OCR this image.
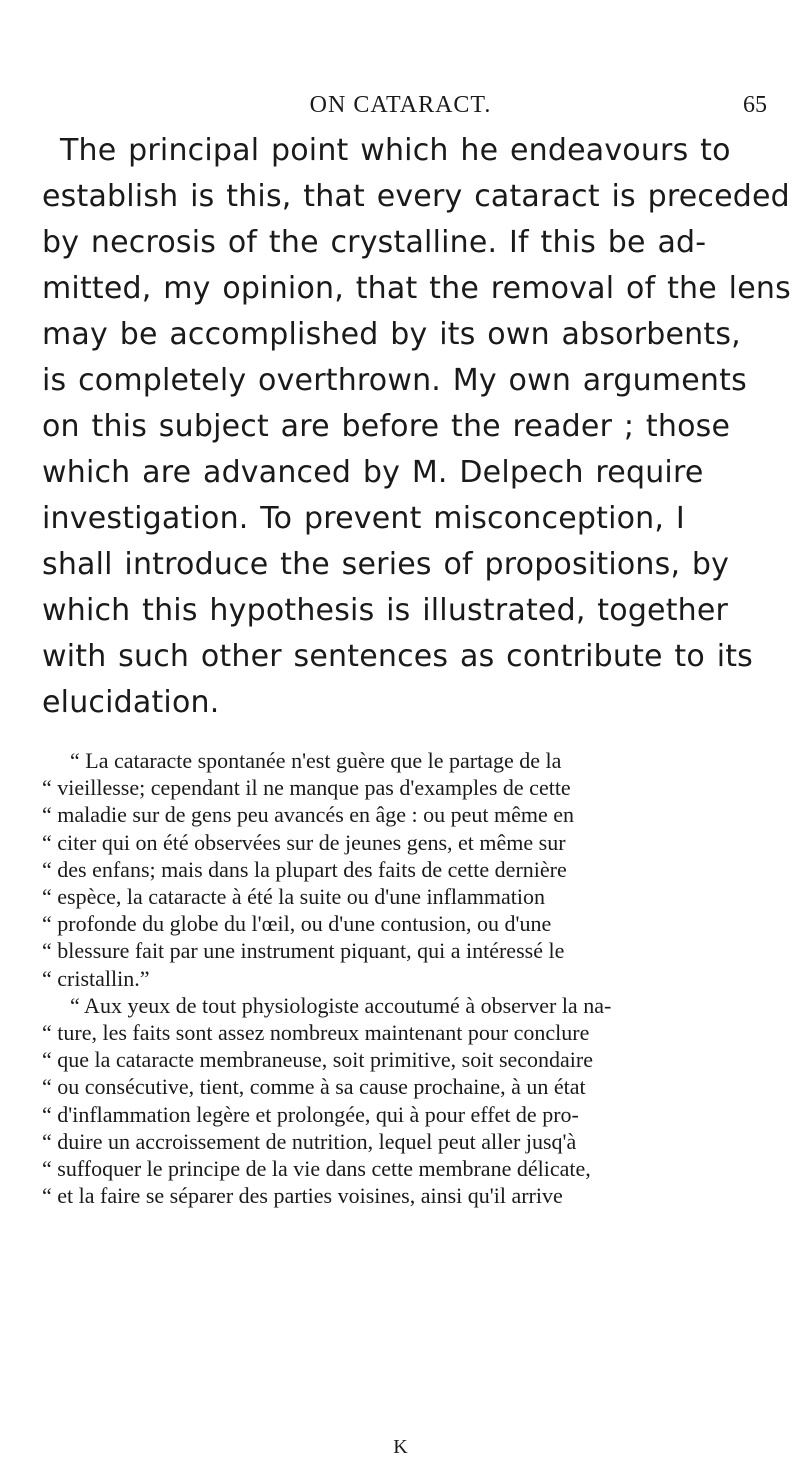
ON CATARACT.	65
The principal point which he endeavours to
establish is this, that every cataract is preceded
by necrosis of the crystalline. If this be ad-
mitted, my opinion, that the removal of the lens
may be accomplished by its own absorbents,
is completely overthrown. My own arguments
on this subject are before the reader ; those
which are advanced by M. Delpech require
investigation. To prevent misconception, I
shall introduce the series of propositions, by
which this hypothesis is illustrated, together
with such other sentences as contribute to its
elucidation.
“ La cataracte spontanée n'est guère que le partage de la
“ vieillesse; cependant il ne manque pas d'examples de cette
“ maladie sur de gens peu avancés en âge : ou peut même en
“ citer qui on été observées sur de jeunes gens, et même sur
“ des enfans; mais dans la plupart des faits de cette dernière
“ espèce, la cataracte à été la suite ou d'une inflammation
“ profonde du globe du l'œil, ou d'une contusion, ou d'une
“ blessure fait par une instrument piquant, qui a intéressé le
“ cristallin.”
“ Aux yeux de tout physiologiste accoutumé à observer la na-
“ ture, les faits sont assez nombreux maintenant pour conclure
“ que la cataracte membraneuse, soit primitive, soit secondaire
“ ou consécutive, tient, comme à sa cause prochaine, à un état
“ d'inflammation legère et prolongée, qui à pour effet de pro-
“ duire un accroissement de nutrition, lequel peut aller jusq'à
“ suffoquer le principe de la vie dans cette membrane délicate,
“ et la faire se séparer des parties voisines, ainsi qu'il arrive
K
